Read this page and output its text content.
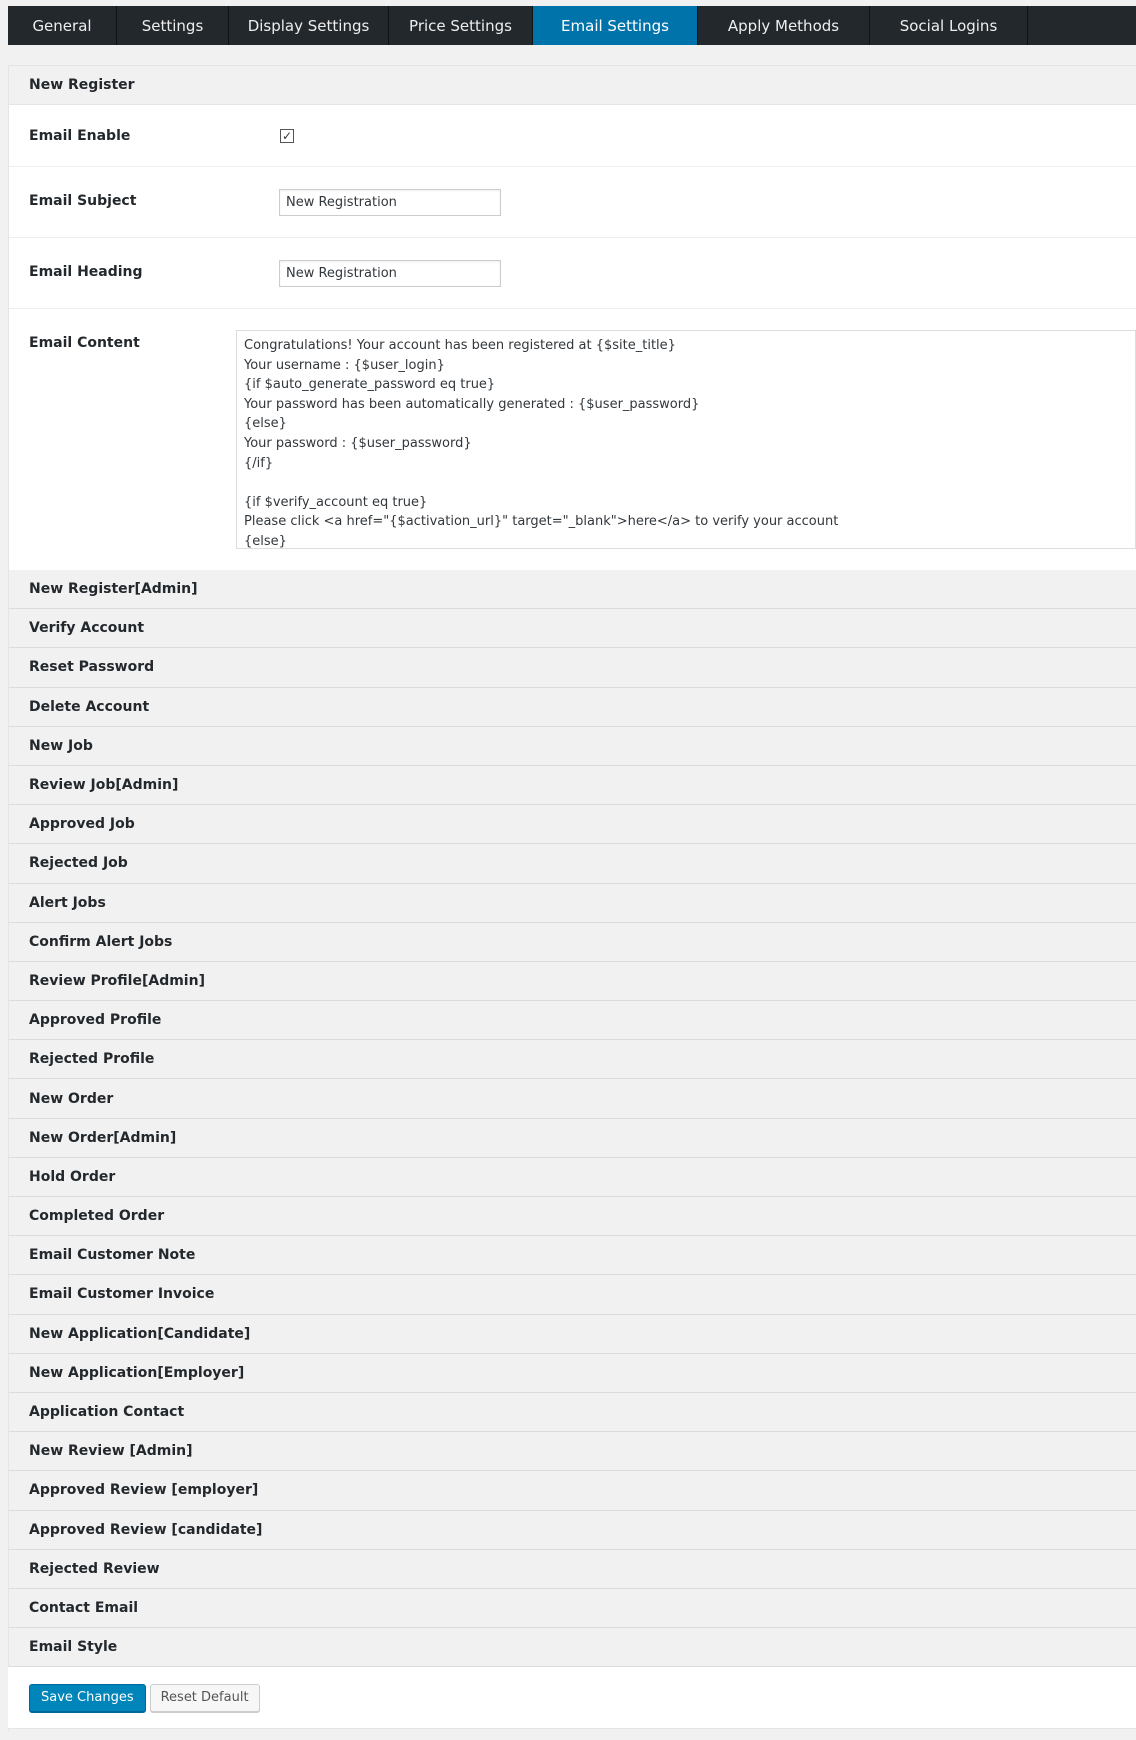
General	Settings	Display Settings	Price Settings	Email Settings	Apply Methods	Social Logins
New Register
Email Enable	✓
Email Subject
New Registration
Email Heading
New Registration
Email Content
Congratulations! Your account has been registered at {$site_title} Your username : {$user_login} {if $auto_generate_password eq true} Your password has been automatically generated : {$user_password} {else} Your password : {$user_password} {/if} {if $verify_account eq true} Please click <a href="{$activation_url}" target="_blank">here</a> to verify your account {else}
New Register[Admin]
Verify Account
Reset Password
Delete Account
New Job
Review Job[Admin]
Approved Job
Rejected Job
Alert Jobs
Confirm Alert Jobs
Review Profile[Admin]
Approved Profile
Rejected Profile
New Order
New Order[Admin]
Hold Order
Completed Order
Email Customer Note
Email Customer Invoice
New Application[Candidate]
New Application[Employer]
Application Contact
New Review [Admin]
Approved Review [employer]
Approved Review [candidate]
Rejected Review
Contact Email
Email Style
Save Changes	Reset Default
